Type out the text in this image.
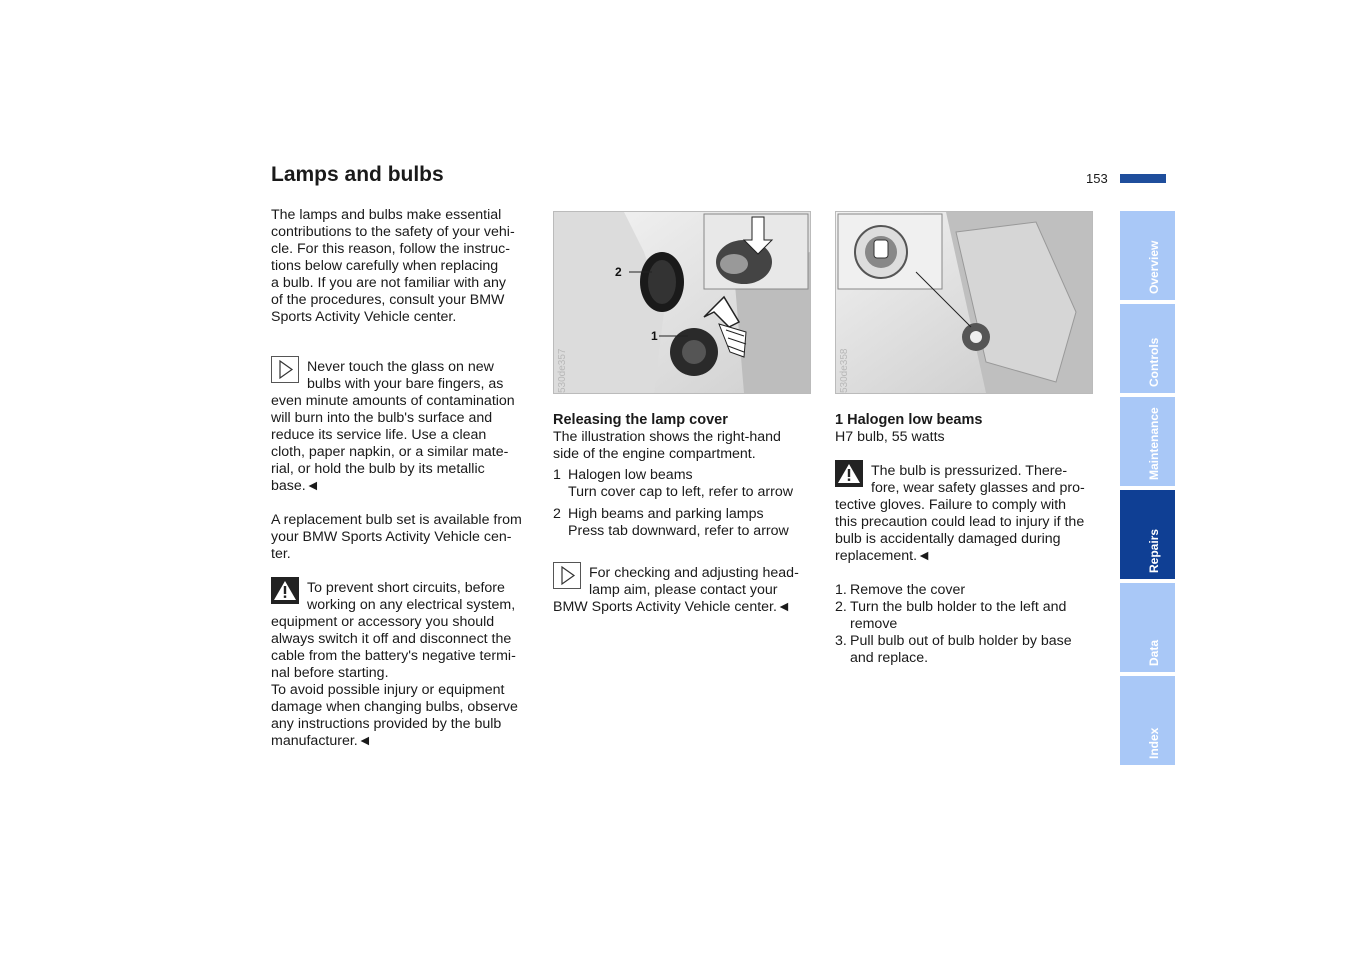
Lamps and bulbs	153
Overview
Controls
Maintenance
Repairs
Data
Index

The lamps and bulbs make essential

contributions to the safety of your vehi-

cle. For this reason, follow the instruc-

tions below carefully when replacing

a bulb. If you are not familiar with any

of the procedures, consult your BMW

Sports Activity Vehicle center.

Never touch the glass on new

bulbs with your bare fingers, as

even minute amounts of contamination

will burn into the bulb's surface and

reduce its service life. Use a clean

cloth, paper napkin, or a similar mate-

rial, or hold the bulb by its metallic

base.◄

A replacement bulb set is available from

your BMW Sports Activity Vehicle cen-

ter.

To prevent short circuits, before

working on any electrical system,

equipment or accessory you should

always switch it off and disconnect the

cable from the battery's negative termi-

nal before starting.

To avoid possible injury or equipment

damage when changing bulbs, observe

any instructions provided by the bulb

manufacturer.◄

2
1
530de357

Releasing the lamp cover

The illustration shows the right-hand

side of the engine compartment.

1 Halogen low beams

Turn cover cap to left, refer to arrow

2 High beams and parking lamps

Press tab downward, refer to arrow

For checking and adjusting head-

lamp aim, please contact your

BMW Sports Activity Vehicle center.◄

530de358

1 Halogen low beams

H7 bulb, 55 watts

The bulb is pressurized. There-

fore, wear safety glasses and pro-

tective gloves. Failure to comply with

this precaution could lead to injury if the

bulb is accidentally damaged during

replacement.◄

1. Remove the cover

2. Turn the bulb holder to the left and

remove

3. Pull bulb out of bulb holder by base

and replace.
